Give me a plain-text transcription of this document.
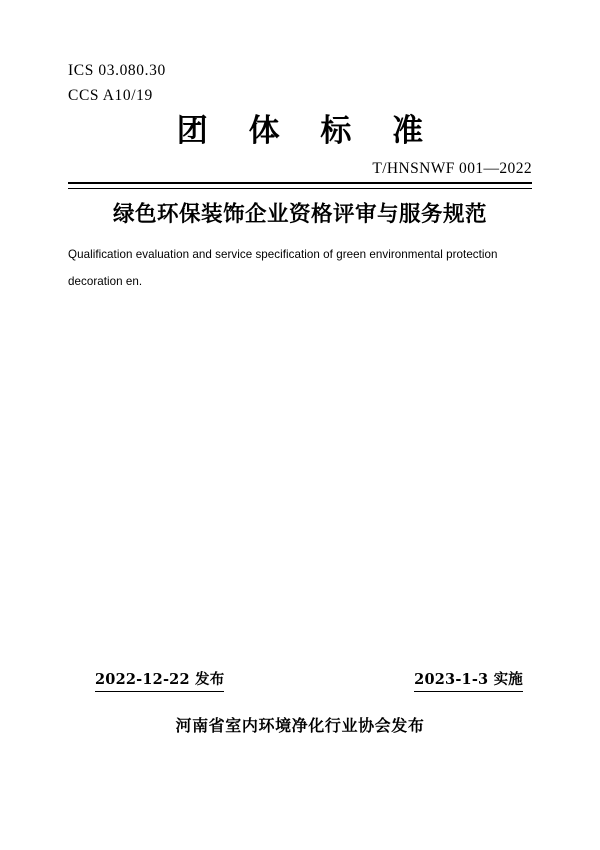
ICS 03.080.30
CCS A10/19
团 体 标 准
T/HNSNWF 001—2022
绿色环保装饰企业资格评审与服务规范
Qualification evaluation and service specification of green environmental protection
decoration en.
2022-12-22 发布	2023-1-3 实施
河南省室内环境净化行业协会发布
